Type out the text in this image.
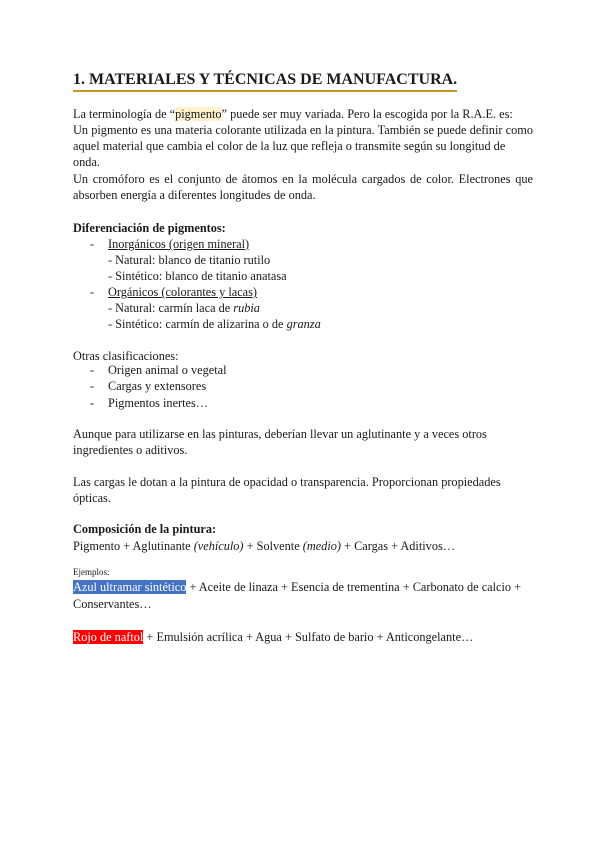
1. MATERIALES Y TÉCNICAS DE MANUFACTURA.
La terminología de “pigmento” puede ser muy variada. Pero la escogida por la R.A.E. es:
Un pigmento es una materia colorante utilizada en la pintura. También se puede definir como
aquel material que cambia el color de la luz que refleja o transmite según su longitud de onda.
Un cromóforo es el conjunto de átomos en la molécula cargados de color. Electrones que
absorben energía a diferentes longitudes de onda.
Diferenciación de pigmentos:
- Inorgánicos (origen mineral)
- Natural: blanco de titanio rutilo
- Sintético: blanco de titanio anatasa
- Orgánicos (colorantes y lacas)
- Natural: carmín laca de rubia
- Sintético: carmín de alizarina o de granza
Otras clasificaciones:
- Origen animal o vegetal
- Cargas y extensores
- Pigmentos inertes…
Aunque para utilizarse en las pinturas, deberían llevar un aglutinante y a veces otros
ingredientes o aditivos.
Las cargas le dotan a la pintura de opacidad o transparencia. Proporcionan propiedades
ópticas.
Composición de la pintura:
Pigmento + Aglutinante (vehículo) + Solvente (medio) + Cargas + Aditivos…
Ejemplos:
Azul ultramar sintético + Aceite de linaza + Esencia de trementina + Carbonato de calcio +
Conservantes…
Rojo de naftol + Emulsión acrílica + Agua + Sulfato de bario + Anticongelante…
